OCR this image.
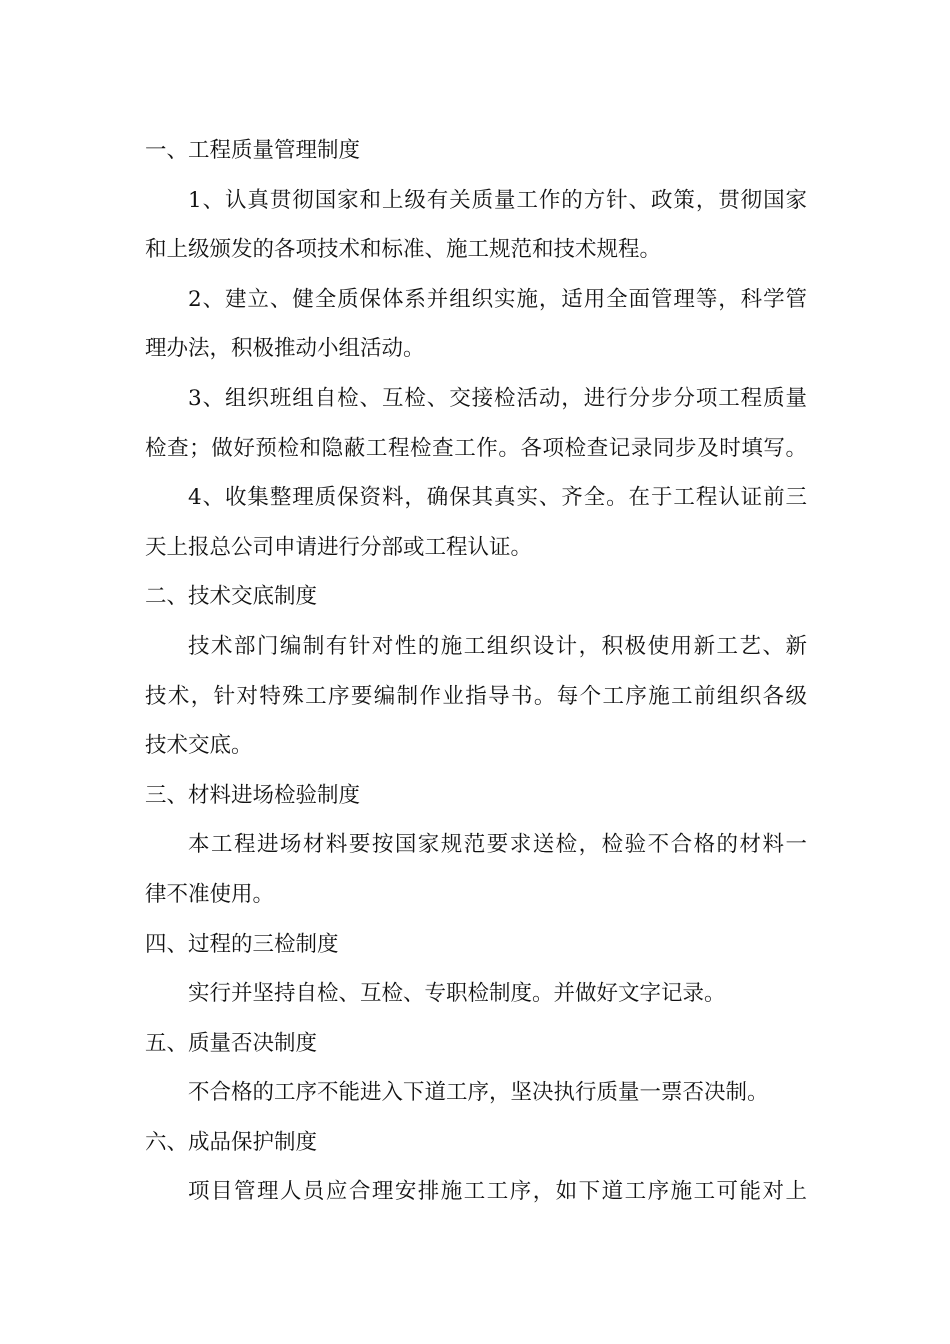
一、工程质量管理制度
1、认真贯彻国家和上级有关质量工作的方针、政策，贯彻国家
和上级颁发的各项技术和标准、施工规范和技术规程。
2、建立、健全质保体系并组织实施，适用全面管理等，科学管
理办法，积极推动小组活动。
3、组织班组自检、互检、交接检活动，进行分步分项工程质量
检查；做好预检和隐蔽工程检查工作。各项检查记录同步及时填写。
4、收集整理质保资料，确保其真实、齐全。在于工程认证前三
天上报总公司申请进行分部或工程认证。
二、技术交底制度
技术部门编制有针对性的施工组织设计，积极使用新工艺、新
技术，针对特殊工序要编制作业指导书。每个工序施工前组织各级
技术交底。
三、材料进场检验制度
本工程进场材料要按国家规范要求送检，检验不合格的材料一
律不准使用。
四、过程的三检制度
实行并坚持自检、互检、专职检制度。并做好文字记录。
五、质量否决制度
不合格的工序不能进入下道工序，坚决执行质量一票否决制。
六、成品保护制度
项目管理人员应合理安排施工工序，如下道工序施工可能对上
